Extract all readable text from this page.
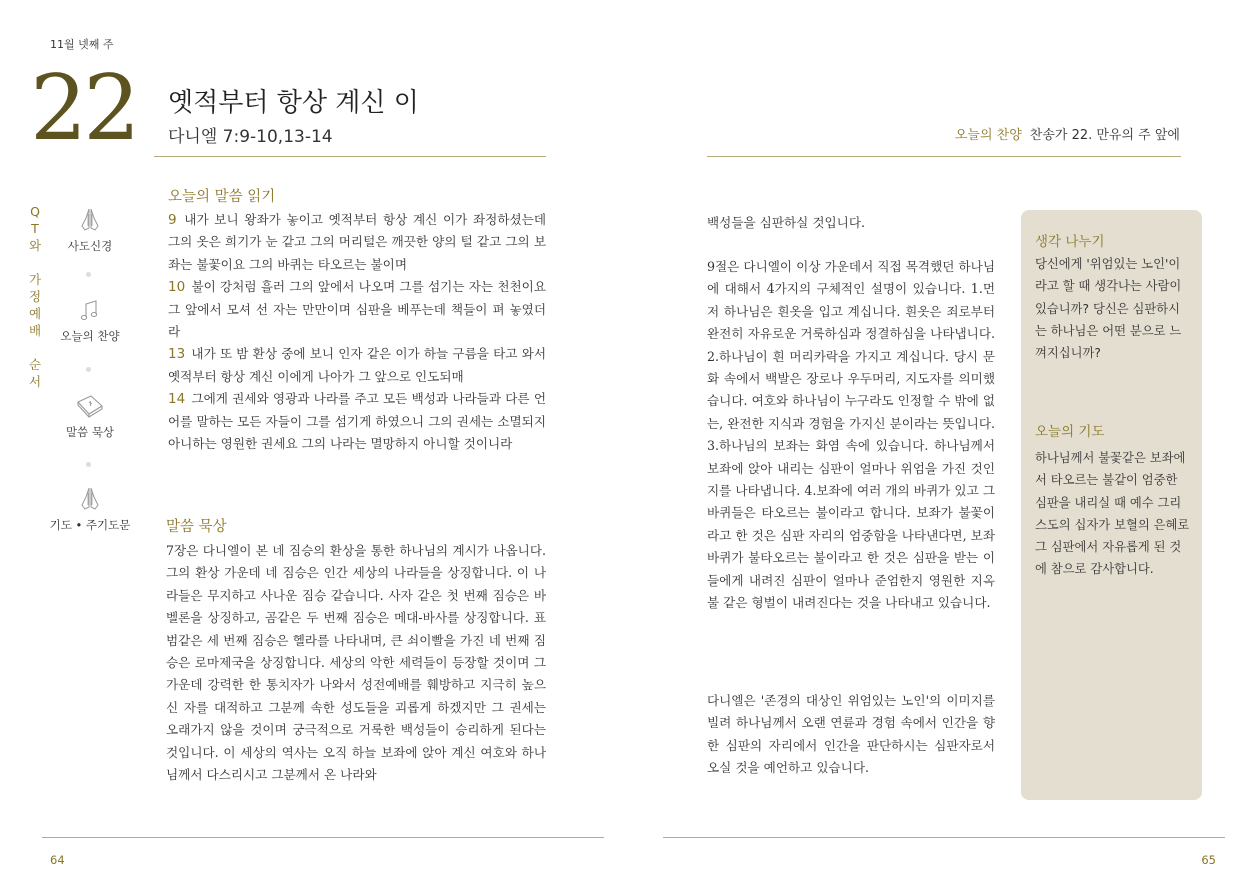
11월 넷째 주
22 옛적부터 항상 계신 이
다니엘 7:9-10,13-14	오늘의 찬양 찬송가 22. 만유의 주 앞에
Q
T
와

가
정
예
배

순
서
사도신경
오늘의 찬양
말씀 묵상
기도 • 주기도문
오늘의 말씀 읽기

9 내가 보니 왕좌가 놓이고 옛적부터 항상 계신 이가 좌정하셨는데 그의 옷은 희기가 눈 같고 그의 머리털은 깨끗한 양의 털 같고 그의 보좌는 불꽃이요 그의 바퀴는 타오르는 불이며

10 불이 강처럼 흘러 그의 앞에서 나오며 그를 섬기는 자는 천천이요 그 앞에서 모셔 선 자는 만만이며 심판을 베푸는데 책들이 펴 놓였더라

13 내가 또 밤 환상 중에 보니 인자 같은 이가 하늘 구름을 타고 와서 옛적부터 항상 계신 이에게 나아가 그 앞으로 인도되매

14 그에게 권세와 영광과 나라를 주고 모든 백성과 나라들과 다른 언어를 말하는 모든 자들이 그를 섬기게 하였으니 그의 권세는 소멸되지 아니하는 영원한 권세요 그의 나라는 멸망하지 아니할 것이니라

말씀 묵상
7장은 다니엘이 본 네 짐승의 환상을 통한 하나님의 계시가 나옵니다. 그의 환상 가운데 네 짐승은 인간 세상의 나라들을 상징합니다. 이 나라들은 무지하고 사나운 짐승 같습니다. 사자 같은 첫 번째 짐승은 바벨론을 상징하고, 곰같은 두 번째 짐승은 메대-바사를 상징합니다. 표범같은 세 번째 짐승은 헬라를 나타내며, 큰 쇠이빨을 가진 네 번째 짐승은 로마제국을 상징합니다. 세상의 악한 세력들이 등장할 것이며 그 가운데 강력한 한 통치자가 나와서 성전예배를 훼방하고 지극히 높으신 자를 대적하고 그분께 속한 성도들을 괴롭게 하겠지만 그 권세는 오래가지 않을 것이며 궁극적으로 거룩한 백성들이 승리하게 된다는 것입니다. 이 세상의 역사는 오직 하늘 보좌에 앉아 계신 여호와 하나님께서 다스리시고 그분께서 온 나라와
백성들을 심판하실 것입니다.
9절은 다니엘이 이상 가운데서 직접 목격했던 하나님에 대해서 4가지의 구체적인 설명이 있습니다. 1.먼저 하나님은 흰옷을 입고 계십니다. 흰옷은 죄로부터 완전히 자유로운 거룩하심과 정결하심을 나타냅니다. 2.하나님이 흰 머리카락을 가지고 계십니다. 당시 문화 속에서 백발은 장로나 우두머리, 지도자를 의미했습니다. 여호와 하나님이 누구라도 인정할 수 밖에 없는, 완전한 지식과 경험을 가지신 분이라는 뜻입니다. 3.하나님의 보좌는 화염 속에 있습니다. 하나님께서 보좌에 앉아 내리는 심판이 얼마나 위엄을 가진 것인지를 나타냅니다. 4.보좌에 여러 개의 바퀴가 있고 그 바퀴들은 타오르는 불이라고 합니다. 보좌가 불꽃이라고 한 것은 심판 자리의 엄중함을 나타낸다면, 보좌 바퀴가 불타오르는 불이라고 한 것은 심판을 받는 이들에게 내려진 심판이 얼마나 준엄한지 영원한 지옥불 같은 형벌이 내려진다는 것을 나타내고 있습니다.
다니엘은 '존경의 대상인 위엄있는 노인'의 이미지를 빌려 하나님께서 오랜 연륜과 경험 속에서 인간을 향한 심판의 자리에서 인간을 판단하시는 심판자로서 오실 것을 예언하고 있습니다.
생각 나누기
당신에게 '위엄있는 노인'이라고 할 때 생각나는 사람이 있습니까? 당신은 심판하시는 하나님은 어떤 분으로 느껴지십니까?
오늘의 기도
하나님께서 불꽃같은 보좌에서 타오르는 불같이 엄중한 심판을 내리실 때 예수 그리스도의 십자가 보혈의 은혜로 그 심판에서 자유롭게 된 것에 참으로 감사합니다.
64	65
